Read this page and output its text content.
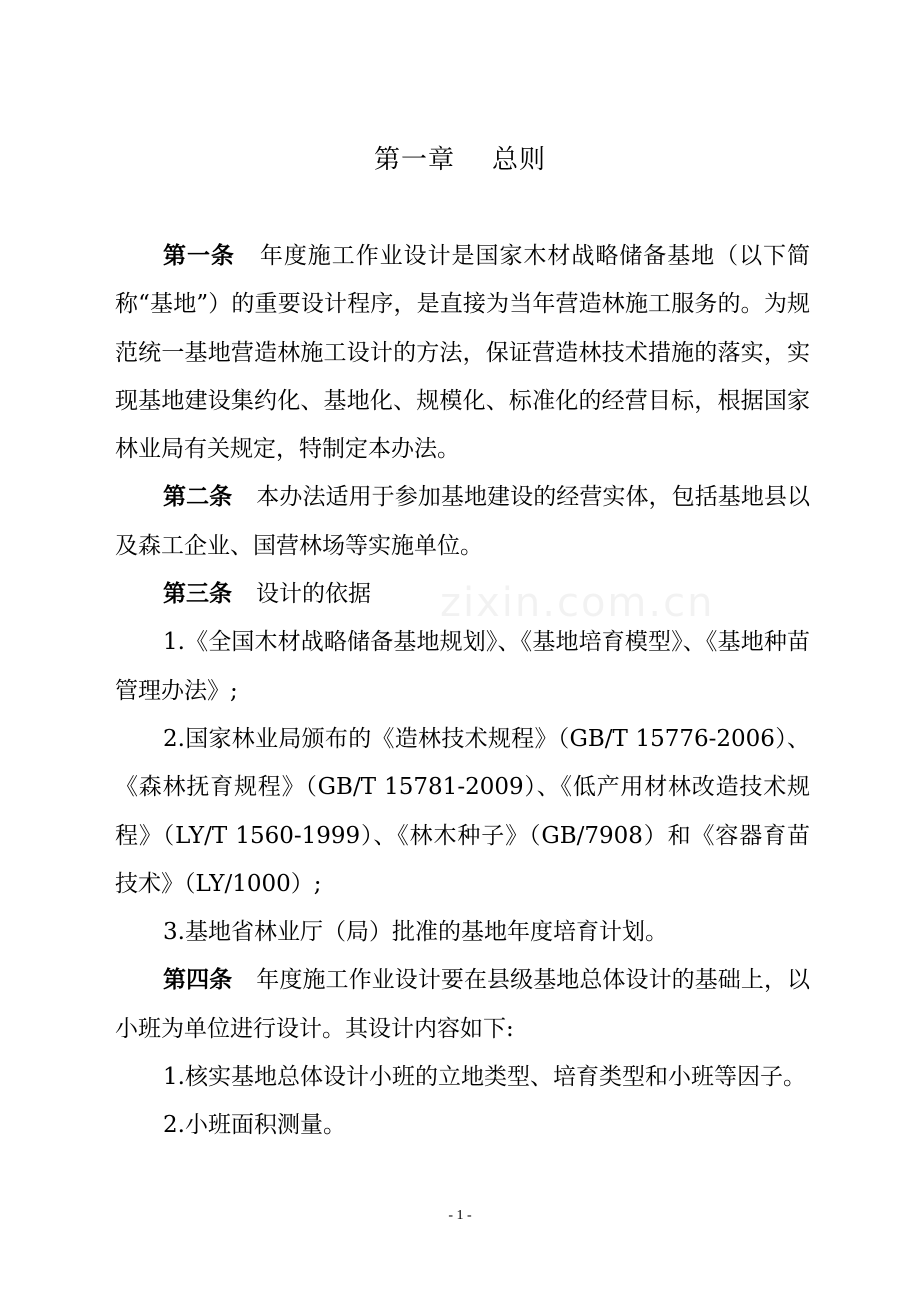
zixin.com.cn
第一章    总则

第一条 年度施工作业设计是国家木材战略储备基地（以下简称“基地”）的重要设计程序，是直接为当年营造林施工服务的。为规范统一基地营造林施工设计的方法，保证营造林技术措施的落实，实现基地建设集约化、基地化、规模化、标准化的经营目标，根据国家林业局有关规定，特制定本办法。

第二条 本办法适用于参加基地建设的经营实体，包括基地县以及森工企业、国营林场等实施单位。

第三条 设计的依据

1.《全国木材战略储备基地规划》、《基地培育模型》、《基地种苗管理办法》;

2.国家林业局颁布的《造林技术规程》（GB/T 15776-2006）、《森林抚育规程》（GB/T 15781-2009）、《低产用材林改造技术规程》（LY/T 1560-1999）、《林木种子》（GB/7908）和《容器育苗技术》（LY/1000）;

3.基地省林业厅（局）批准的基地年度培育计划。

第四条 年度施工作业设计要在县级基地总体设计的基础上，以小班为单位进行设计。其设计内容如下:

1.核实基地总体设计小班的立地类型、培育类型和小班等因子。

2.小班面积测量。

- 1 -
